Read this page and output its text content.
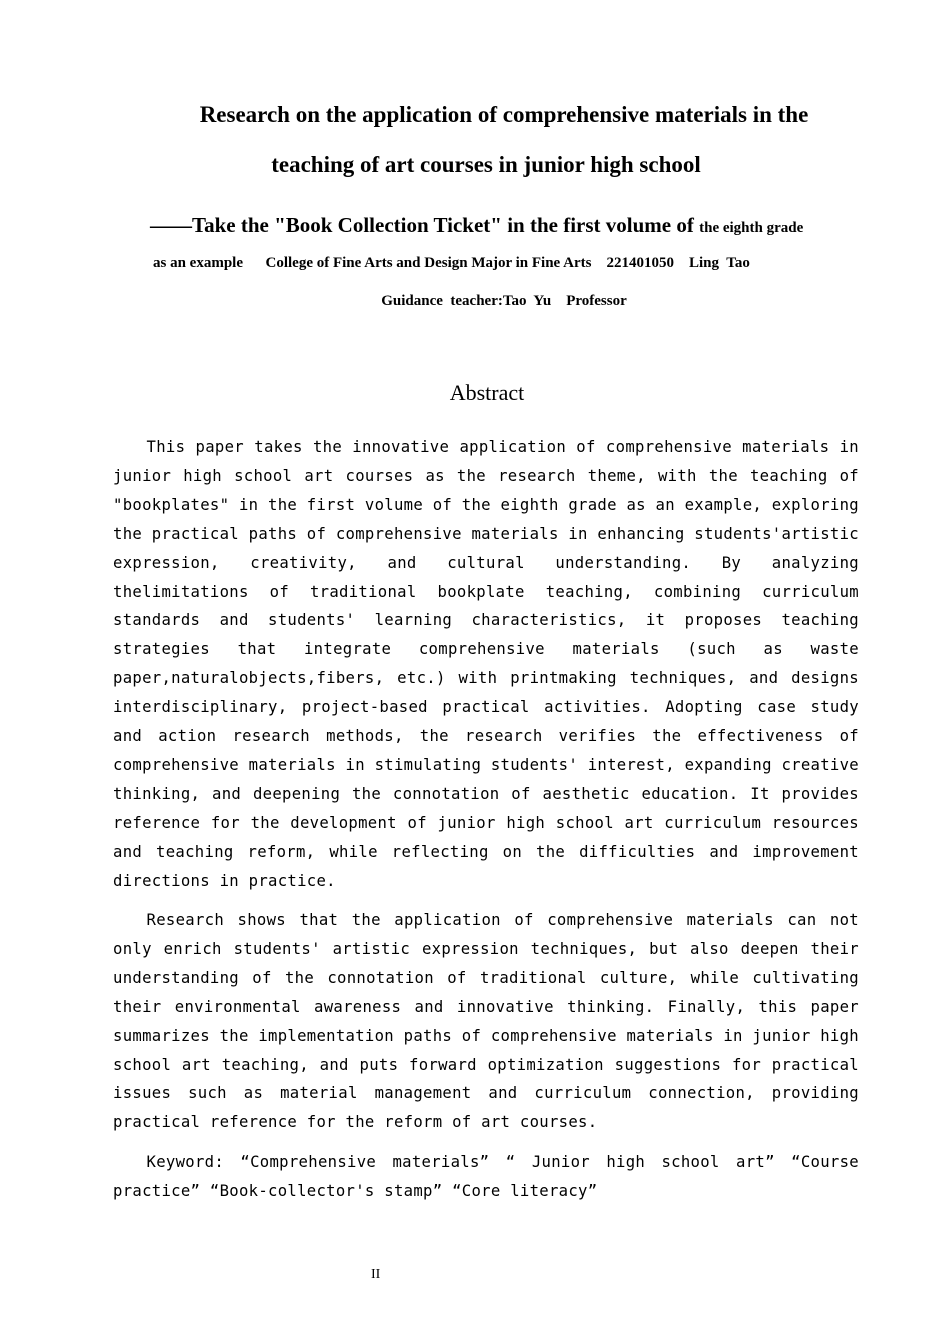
Research on the application of comprehensive materials in the
teaching of art courses in junior high school
——Take the "Book Collection Ticket" in the first volume of the eighth grade
as an example College of Fine Arts and Design Major in Fine Arts 221401050 Ling  Tao
Guidance  teacher:Tao  Yu    Professor
Abstract

This paper takes the innovative application of comprehensive materials in junior high school art courses as the research theme, with the teaching of "bookplates" in the first volume of the eighth grade as an example, exploring the practical paths of comprehensive materials in enhancing students'artistic expression, creativity, and cultural understanding. By analyzing thelimitations of traditional bookplate teaching, combining curriculum standards and students' learning characteristics, it proposes teaching strategies that integrate comprehensive materials (such as waste paper,naturalobjects,fibers, etc.) with printmaking techniques, and designs interdisciplinary, project-based practical activities. Adopting case study and action research methods, the research verifies the effectiveness of comprehensive materials in stimulating students' interest, expanding creative thinking, and deepening the connotation of aesthetic education. It provides reference for the development of junior high school art curriculum resources and teaching reform, while reflecting on the difficulties and improvement directions in practice.

Research shows that the application of comprehensive materials can not only enrich students' artistic expression techniques, but also deepen their understanding of the connotation of traditional culture, while cultivating their environmental awareness and innovative thinking. Finally, this paper summarizes the implementation paths of comprehensive materials in junior high school art teaching, and puts forward optimization suggestions for practical issues such as material management and curriculum connection, providing practical reference for the reform of art courses.

Keyword: “Comprehensive materials” “ Junior high school art” “Course practice” “Book-collector's stamp” “Core literacy”

II
